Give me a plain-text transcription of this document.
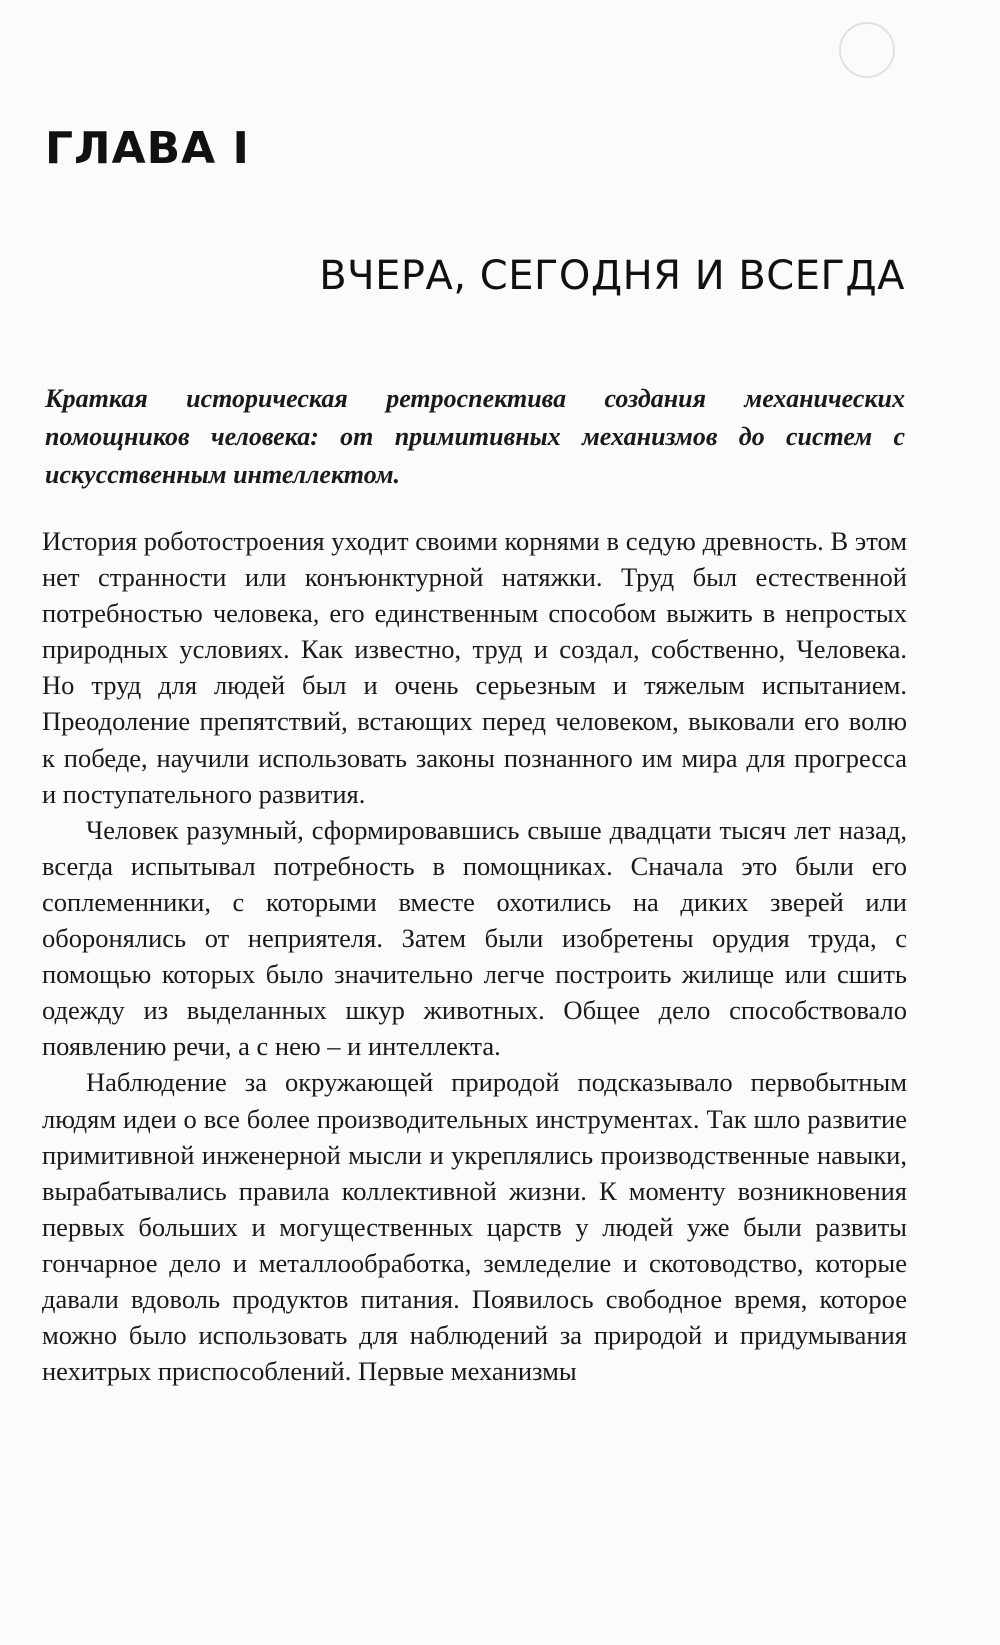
ГЛАВА I
ВЧЕРА, СЕГОДНЯ И ВСЕГДА
Краткая историческая ретроспектива создания механических помощников человека: от примитивных механизмов до систем с искусственным интеллектом.

История роботостроения уходит своими корнями в седую древность. В этом нет странности или конъюнктурной натяжки. Труд был естественной потребностью человека, его единственным способом выжить в непростых природных условиях. Как известно, труд и создал, собственно, Человека. Но труд для людей был и очень серьезным и тяжелым испытанием. Преодоление препятствий, встающих перед человеком, выковали его волю к победе, научили использовать законы познанного им мира для прогресса и поступательного развития.

Человек разумный, сформировавшись свыше двадцати тысяч лет назад, всегда испытывал потребность в помощниках. Сначала это были его соплеменники, с которыми вместе охотились на диких зверей или оборонялись от неприятеля. Затем были изобретены орудия труда, с помощью которых было значительно легче построить жилище или сшить одежду из выделанных шкур животных. Общее дело способствовало появлению речи, а с нею – и интеллекта.

Наблюдение за окружающей природой подсказывало первобытным людям идеи о все более производительных инструментах. Так шло развитие примитивной инженерной мысли и укреплялись производственные навыки, вырабатывались правила коллективной жизни. К моменту возникновения первых больших и могущественных царств у людей уже были развиты гончарное дело и металлообработка, земледелие и скотоводство, которые давали вдоволь продуктов питания. Появилось свободное время, которое можно было использовать для наблюдений за природой и придумывания нехитрых приспособлений. Первые механизмы
